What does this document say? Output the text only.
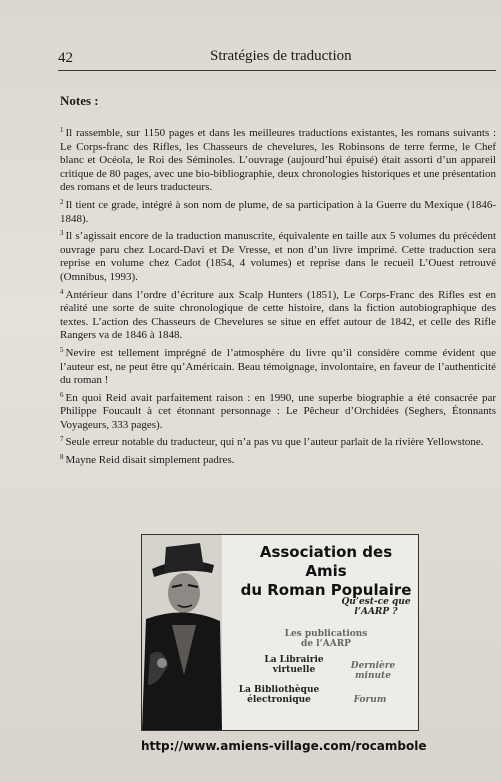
42	Stratégies de traduction
Notes :

$^1$ Il rassemble, sur 1150 pages et dans les meilleures traductions existantes, les romans suivants : Le Corps-franc des Rifles, les Chasseurs de chevelures, les Robinsons de terre ferme, le Chef blanc et Océola, le Roi des Séminoles. L’ouvrage (aujourd’hui épuisé) était assorti d’un appareil critique de 80 pages, avec une bio-bibliographie, deux chronologies historiques et une présentation des romans et de leurs traducteurs.

$^2$ Il tient ce grade, intégré à son nom de plume, de sa participation à la Guerre du Mexique (1846-1848).

$^3$ Il s’agissait encore de la traduction manuscrite, équivalente en taille aux 5 volumes du précédent ouvrage paru chez Locard-Davi et De Vresse, et non d’un livre imprimé. Cette traduction sera reprise en volume chez Cadot (1854, 4 volumes) et reprise dans le recueil L’Ouest retrouvé (Omnibus, 1993).

$^4$ Antérieur dans l’ordre d’écriture aux Scalp Hunters (1851), Le Corps-Franc des Rifles est en réalité une sorte de suite chronologique de cette histoire, dans la fiction autobiographique des textes. L’action des Chasseurs de Chevelures se situe en effet autour de 1842, et celle des Rifle Rangers va de 1846 à 1848.

$^5$ Nevire est tellement imprégné de l’atmosphère du livre qu’il considère comme évident que l’auteur est, ne peut être qu’Américain. Beau témoignage, involontaire, en faveur de l’authenticité du roman !

$^6$ En quoi Reid avait parfaitement raison : en 1990, une superbe biographie a été consacrée par Philippe Foucault à cet étonnant personnage : Le Pêcheur d’Orchidées (Seghers, Étonnants Voyageurs, 333 pages).

$^7$ Seule erreur notable du traducteur, qui n’a pas vu que l’auteur parlait de la rivière Yellowstone.

$^8$ Mayne Reid disait simplement padres.

Association des Amis
du Roman Populaire
Qu’est-ce que l’AARP ?
Les publications de l’AARP
La Librairie virtuelle	Dernière minute
La Bibliothèque électronique	Forum
http://www.amiens-village.com/rocambole
